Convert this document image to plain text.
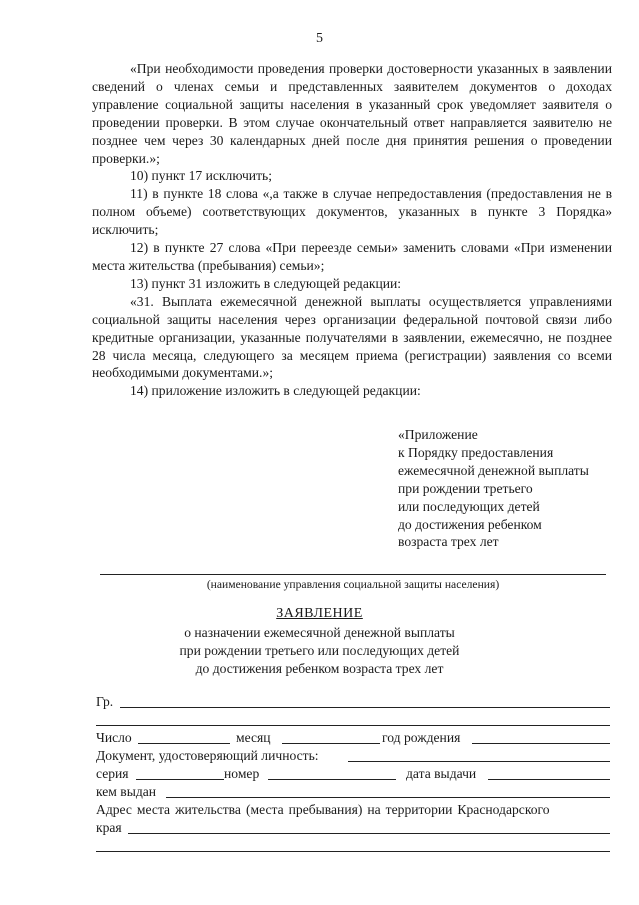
5

«При необходимости проведения проверки достоверности указанных в заявлении сведений о членах семьи и представленных заявителем документов о доходах управление социальной защиты населения в указанный срок уведомляет заявителя о проведении проверки. В этом случае окончательный ответ направляется заявителю не позднее чем через 30 календарных дней после дня принятия решения о проведении проверки.»;

10) пункт 17 исключить;

11) в пункте 18 слова «,а также в случае непредоставления (предоставления не в полном объеме) соответствующих документов, указанных в пункте 3 Порядка» исключить;

12) в пункте 27 слова «При переезде семьи» заменить словами «При изменении места жительства (пребывания) семьи»;

13) пункт 31 изложить в следующей редакции:

«31. Выплата ежемесячной денежной выплаты осуществляется управлениями социальной защиты населения через организации федеральной почтовой связи либо кредитные организации, указанные получателями в заявлении, ежемесячно, не позднее 28 числа месяца, следующего за месяцем приема (регистрации) заявления со всеми необходимыми документами.»;

14) приложение изложить в следующей редакции:

«Приложение
к Порядку предоставления
ежемесячной денежной выплаты
при рождении третьего
или последующих детей
до достижения ребенком
возраста трех лет
(наименование управления социальной защиты населения)
ЗАЯВЛЕНИЕ
о назначении ежемесячной денежной выплаты
при рождении третьего или последующих детей
до достижения ребенком возраста трех лет
Гр.
Число	месяц	год рождения
Документ, удостоверяющий личность:
серия	номер	дата выдачи
кем выдан
Адрес места жительства (места пребывания) на территории Краснодарского
края
